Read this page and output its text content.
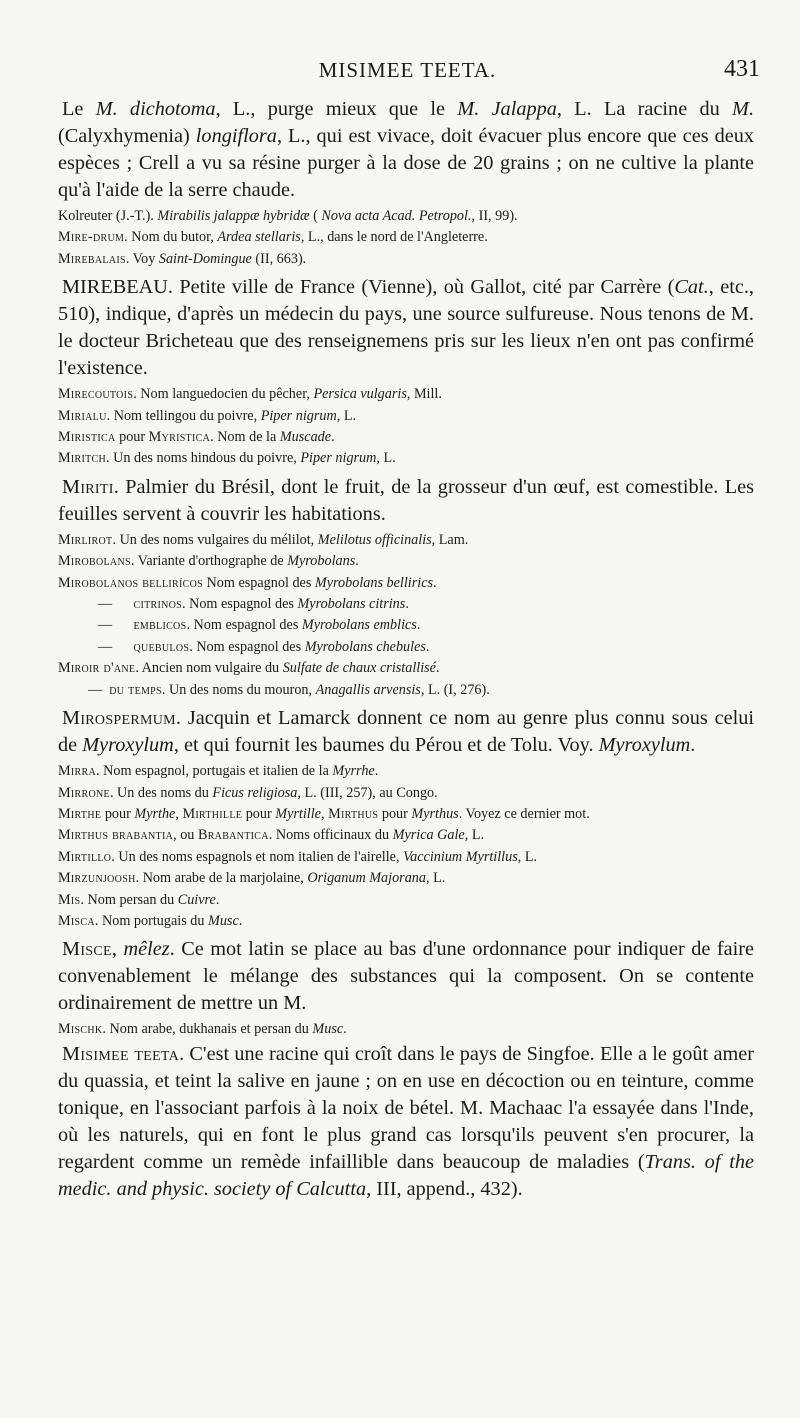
MISIMEE TEETA.	431

Le M. dichotoma, L., purge mieux que le M. Jalappa, L. La racine du M. (Calyxhymenia) longiflora, L., qui est vivace, doit évacuer plus encore que ces deux espèces ; Crell a vu sa résine purger à la dose de 20 grains ; on ne cultive la plante qu'à l'aide de la serre chaude.

Kolreuter (J.-T.). Mirabilis jalappæ hybridæ ( Nova acta Acad. Petropol., II, 99).

Mire-drum. Nom du butor, Ardea stellaris, L., dans le nord de l'Angleterre.

Mirebalais. Voy Saint-Domingue (II, 663).

MIREBEAU. Petite ville de France (Vienne), où Gallot, cité par Carrère (Cat., etc., 510), indique, d'après un médecin du pays, une source sulfureuse. Nous tenons de M. le docteur Bricheteau que des renseignemens pris sur les lieux n'en ont pas confirmé l'existence.

Mirecoutois. Nom languedocien du pêcher, Persica vulgaris, Mill.

Mirialu. Nom tellingou du poivre, Piper nigrum, L.

Miristica pour Myristica. Nom de la Muscade.

Miritch. Un des noms hindous du poivre, Piper nigrum, L.

Miriti. Palmier du Brésil, dont le fruit, de la grosseur d'un œuf, est comestible. Les feuilles servent à couvrir les habitations.

Mirlirot. Un des noms vulgaires du mélilot, Melilotus officinalis, Lam.

Mirobolans. Variante d'orthographe de Myrobolans.

Mirobolanos bellirícos Nom espagnol des Myrobolans bellirics.

— citrinos. Nom espagnol des Myrobolans citrins.

— emblicos. Nom espagnol des Myrobolans emblics.

— quebulos. Nom espagnol des Myrobolans chebules.

Miroir d'ane. Ancien nom vulgaire du Sulfate de chaux cristallisé.

— du temps. Un des noms du mouron, Anagallis arvensis, L. (I, 276).

Mirospermum. Jacquin et Lamarck donnent ce nom au genre plus connu sous celui de Myroxylum, et qui fournit les baumes du Pérou et de Tolu. Voy. Myroxylum.

Mirra. Nom espagnol, portugais et italien de la Myrrhe.

Mirrone. Un des noms du Ficus religiosa, L. (III, 257), au Congo.

Mirthe pour Myrthe, Mirthille pour Myrtille, Mirthus pour Myrthus. Voyez ce dernier mot.

Mirthus brabantia, ou Brabantica. Noms officinaux du Myrica Gale, L.

Mirtillo. Un des noms espagnols et nom italien de l'airelle, Vaccinium Myrtillus, L.

Mirzunjoosh. Nom arabe de la marjolaine, Origanum Majorana, L.

Mis. Nom persan du Cuivre.

Misca. Nom portugais du Musc.

Misce, mêlez. Ce mot latin se place au bas d'une ordonnance pour indiquer de faire convenablement le mélange des substances qui la composent. On se contente ordinairement de mettre un M.

Mischk. Nom arabe, dukhanais et persan du Musc.

Misimee teeta. C'est une racine qui croît dans le pays de Singfoe. Elle a le goût amer du quassia, et teint la salive en jaune ; on en use en décoction ou en teinture, comme tonique, en l'associant parfois à la noix de bétel. M. Machaac l'a essayée dans l'Inde, où les naturels, qui en font le plus grand cas lorsqu'ils peuvent s'en procurer, la regardent comme un remède infaillible dans beaucoup de maladies (Trans. of the medic. and physic. society of Calcutta, III, append., 432).
